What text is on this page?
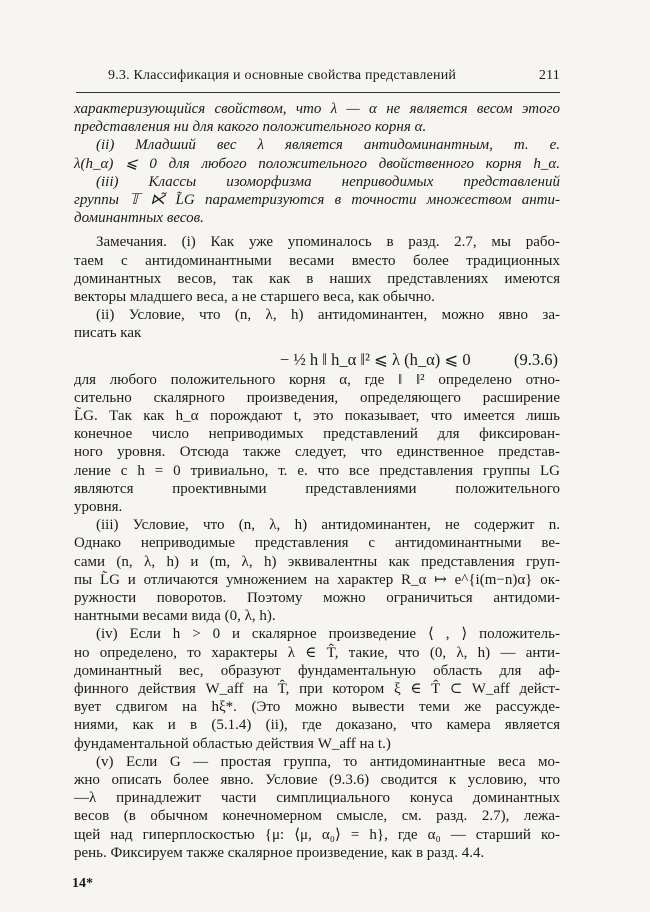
9.3. Классификация и основные свойства представлений	211
характеризующийся свойством, что λ — α не является весом этого
представления ни для какого положительного корня α.
(ii) Младший вес λ является антидоминантным, т. е.
λ(h_α) ⩽ 0 для любого положительного двойственного корня h_α.
(iii) Классы изоморфизма неприводимых представлений
группы 𝕋 ⋉̃ L̃G параметризуются в точности множеством анти-
доминантных весов.
Замечания. (i) Как уже упоминалось в разд. 2.7, мы рабо-
таем с антидоминантными весами вместо более традиционных
доминантных весов, так как в наших представлениях имеются
векторы младшего веса, а не старшего веса, как обычно.
(ii) Условие, что (n, λ, h) антидоминантен, можно явно за-
писать как
− ½ h ‖ h_α ‖² ⩽ λ (h_α) ⩽ 0	(9.3.6)
для любого положительного корня α, где ‖ ‖² определено отно-
сительно скалярного произведения, определяющего расширение
L̃G. Так как h_α порождают t, это показывает, что имеется лишь
конечное число неприводимых представлений для фиксирован-
ного уровня. Отсюда также следует, что единственное представ-
ление с h = 0 тривиально, т. е. что все представления группы LG
являются проективными представлениями положительного
уровня.
(iii) Условие, что (n, λ, h) антидоминантен, не содержит n.
Однако неприводимые представления с антидоминантными ве-
сами (n, λ, h) и (m, λ, h) эквивалентны как представления груп-
пы L̃G и отличаются умножением на характер R_α ↦ e^{i(m−n)α} ок-
ружности поворотов. Поэтому можно ограничиться антидоми-
нантными весами вида (0, λ, h).
(iv) Если h > 0 и скалярное произведение ⟨ , ⟩ положитель-
но определено, то характеры λ ∈ T̂, такие, что (0, λ, h) — анти-
доминантный вес, образуют фундаментальную область для аф-
финного действия W_aff на T̂, при котором ξ ∈ T̂ ⊂ W_aff дейст-
вует сдвигом на hξ*. (Это можно вывести теми же рассужде-
ниями, как и в (5.1.4) (ii), где доказано, что камера является
фундаментальной областью действия W_aff на t.)
(v) Если G — простая группа, то антидоминантные веса мо-
жно описать более явно. Условие (9.3.6) сводится к условию, что
—λ принадлежит части симплициального конуса доминантных
весов (в обычном конечномерном смысле, см. разд. 2.7), лежа-
щей над гиперплоскостью {μ: ⟨μ, α₀⟩ = h}, где α₀ — старший ко-
рень. Фиксируем также скалярное произведение, как в разд. 4.4.
14*
